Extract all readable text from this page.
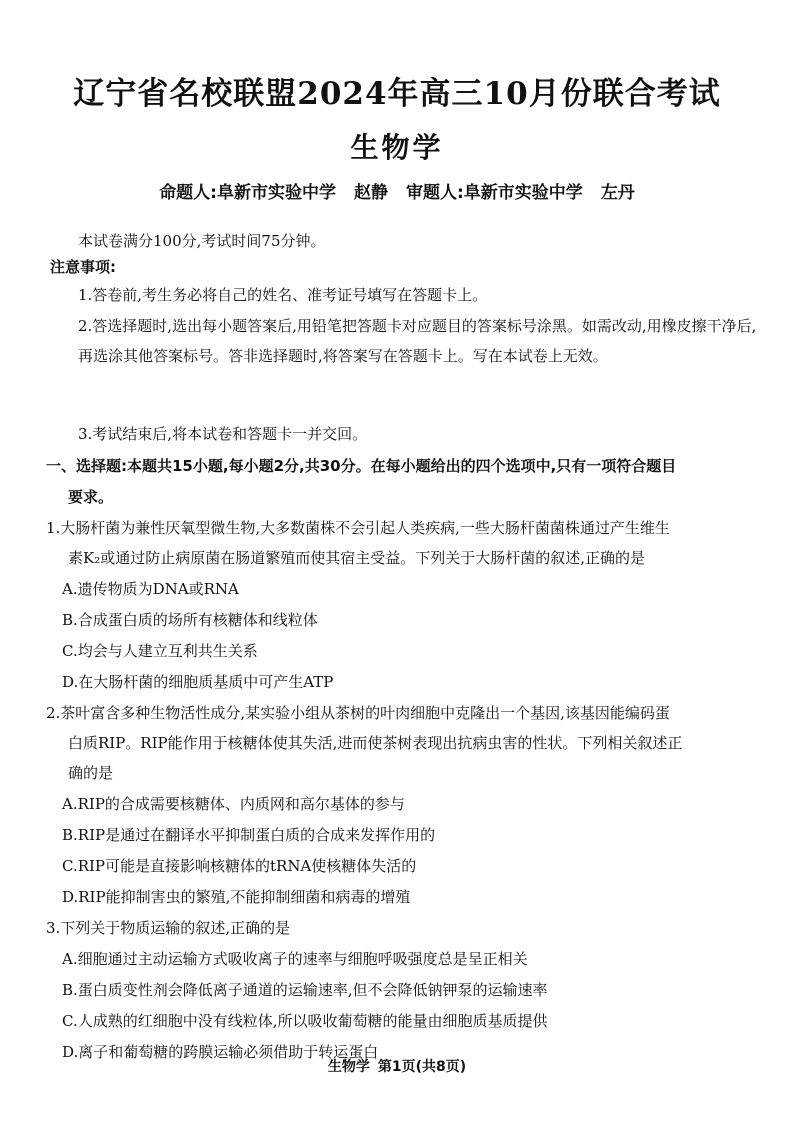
辽宁省名校联盟2024年高三10月份联合考试
生物学
命题人:阜新市实验中学 赵静 审题人:阜新市实验中学 左丹
本试卷满分100分,考试时间75分钟。
注意事项:
1.答卷前,考生务必将自己的姓名、准考证号填写在答题卡上。
2.答选择题时,选出每小题答案后,用铅笔把答题卡对应题目的答案标号涂黑。如需改动,用橡皮擦干净后,再选涂其他答案标号。答非选择题时,将答案写在答题卡上。写在本试卷上无效。
3.考试结束后,将本试卷和答题卡一并交回。
一、选择题:本题共15小题,每小题2分,共30分。在每小题给出的四个选项中,只有一项符合题目
要求。
1.大肠杆菌为兼性厌氧型微生物,大多数菌株不会引起人类疾病,一些大肠杆菌菌株通过产生维生
素K₂或通过防止病原菌在肠道繁殖而使其宿主受益。下列关于大肠杆菌的叙述,正确的是
A.遗传物质为DNA或RNA
B.合成蛋白质的场所有核糖体和线粒体
C.均会与人建立互利共生关系
D.在大肠杆菌的细胞质基质中可产生ATP
2.茶叶富含多种生物活性成分,某实验小组从茶树的叶肉细胞中克隆出一个基因,该基因能编码蛋
白质RIP。RIP能作用于核糖体使其失活,进而使茶树表现出抗病虫害的性状。下列相关叙述正
确的是
A.RIP的合成需要核糖体、内质网和高尔基体的参与
B.RIP是通过在翻译水平抑制蛋白质的合成来发挥作用的
C.RIP可能是直接影响核糖体的tRNA使核糖体失活的
D.RIP能抑制害虫的繁殖,不能抑制细菌和病毒的增殖
3.下列关于物质运输的叙述,正确的是
A.细胞通过主动运输方式吸收离子的速率与细胞呼吸强度总是呈正相关
B.蛋白质变性剂会降低离子通道的运输速率,但不会降低钠钾泵的运输速率
C.人成熟的红细胞中没有线粒体,所以吸收葡萄糖的能量由细胞质基质提供
D.离子和葡萄糖的跨膜运输必须借助于转运蛋白
生物学 第1页(共8页)
